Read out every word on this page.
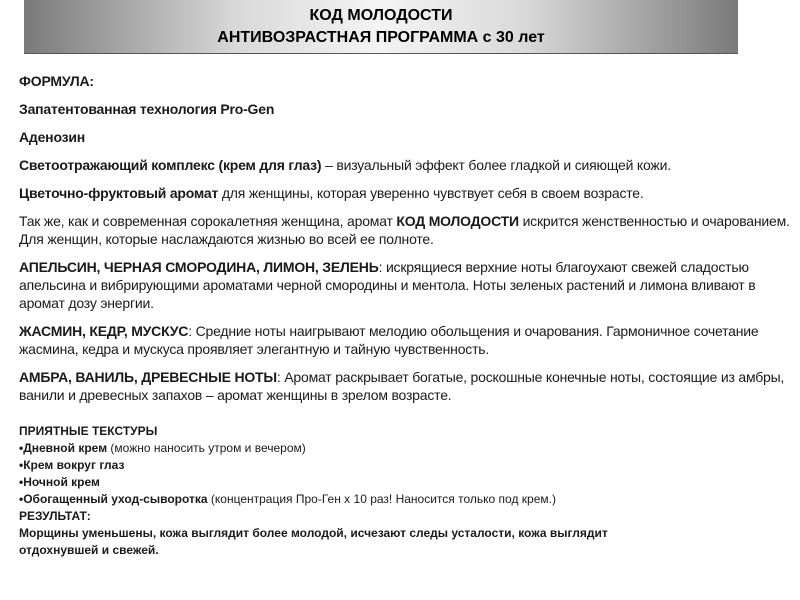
КОД МОЛОДОСТИ
АНТИВОЗРАСТНАЯ ПРОГРАММА с 30 лет

ФОРМУЛА:

Запатентованная технология Pro-Gen

Аденозин

Светоотражающий комплекс (крем для глаз) – визуальный эффект более гладкой и сияющей кожи.

Цветочно-фруктовый аромат для женщины, которая уверенно чувствует себя в своем возрасте.

Так же, как и современная сорокалетняя женщина, аромат КОД МОЛОДОСТИ искрится женственностью и очарованием. Для женщин, которые наслаждаются жизнью во всей ее полноте.

АПЕЛЬСИН, ЧЕРНАЯ СМОРОДИНА, ЛИМОН, ЗЕЛЕНЬ: искрящиеся верхние ноты благоухают свежей сладостью апельсина и вибрирующими ароматами черной смородины и ментола. Ноты зеленых растений и лимона вливают в аромат дозу энергии.

ЖАСМИН, КЕДР, МУСКУС: Средние ноты наигрывают мелодию обольщения и очарования. Гармоничное сочетание жасмина, кедра и мускуса проявляет элегантную и тайную чувственность.

АМБРА, ВАНИЛЬ, ДРЕВЕСНЫЕ НОТЫ: Аромат раскрывает богатые, роскошные конечные ноты, состоящие из амбры, ванили и древесных запахов – аромат женщины в зрелом возрасте.

ПРИЯТНЫЕ ТЕКСТУРЫ

•Дневной крем (можно наносить утром и вечером)

•Крем вокруг глаз

•Ночной крем

•Обогащенный уход-сыворотка (концентрация Про-Ген х 10 раз! Наносится только под крем.)

РЕЗУЛЬТАТ:

Морщины уменьшены, кожа выглядит более молодой, исчезают следы усталости, кожа выглядит отдохнувшей и свежей.
